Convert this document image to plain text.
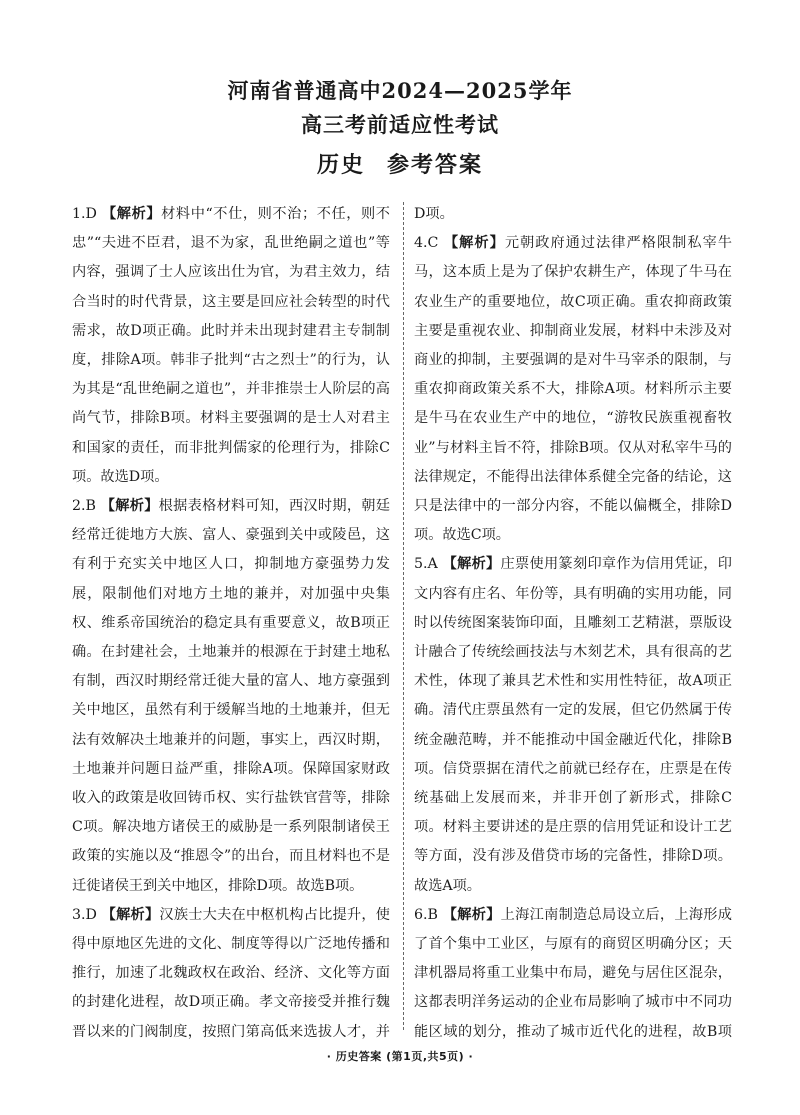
河南省普通高中2024—2025学年
高三考前适应性考试
历史 参考答案

1.D 【解析】材料中“不仕，则不治；不任，则不忠”“夫进不臣君，退不为家，乱世绝嗣之道也”等内容，强调了士人应该出仕为官，为君主效力，结合当时的时代背景，这主要是回应社会转型的时代需求，故D项正确。此时并未出现封建君主专制制度，排除A项。韩非子批判“古之烈士”的行为，认为其是“乱世绝嗣之道也”，并非推崇士人阶层的高尚气节，排除B项。材料主要强调的是士人对君主和国家的责任，而非批判儒家的伦理行为，排除C项。故选D项。

2.B 【解析】根据表格材料可知，西汉时期，朝廷经常迁徙地方大族、富人、豪强到关中或陵邑，这有利于充实关中地区人口，抑制地方豪强势力发展，限制他们对地方土地的兼并，对加强中央集权、维系帝国统治的稳定具有重要意义，故B项正确。在封建社会，土地兼并的根源在于封建土地私有制，西汉时期经常迁徙大量的富人、地方豪强到关中地区，虽然有利于缓解当地的土地兼并，但无法有效解决土地兼并的问题，事实上，西汉时期，土地兼并问题日益严重，排除A项。保障国家财政收入的政策是收回铸币权、实行盐铁官营等，排除C项。解决地方诸侯王的威胁是一系列限制诸侯王政策的实施以及“推恩令”的出台，而且材料也不是迁徙诸侯王到关中地区，排除D项。故选B项。

3.D 【解析】汉族士大夫在中枢机构占比提升，使得中原地区先进的文化、制度等得以广泛地传播和推行，加速了北魏政权在政治、经济、文化等方面的封建化进程，故D项正确。孝文帝接受并推行魏晋以来的门阀制度，按照门第高低来选拔人才，并

D项。

4.C 【解析】元朝政府通过法律严格限制私宰牛马，这本质上是为了保护农耕生产，体现了牛马在农业生产的重要地位，故C项正确。重农抑商政策主要是重视农业、抑制商业发展，材料中未涉及对商业的抑制，主要强调的是对牛马宰杀的限制，与重农抑商政策关系不大，排除A项。材料所示主要是牛马在农业生产中的地位，“游牧民族重视畜牧业”与材料主旨不符，排除B项。仅从对私宰牛马的法律规定，不能得出法律体系健全完备的结论，这只是法律中的一部分内容，不能以偏概全，排除D项。故选C项。

5.A 【解析】庄票使用篆刻印章作为信用凭证，印文内容有庄名、年份等，具有明确的实用功能，同时以传统图案装饰印面，且雕刻工艺精湛，票版设计融合了传统绘画技法与木刻艺术，具有很高的艺术性，体现了兼具艺术性和实用性特征，故A项正确。清代庄票虽然有一定的发展，但它仍然属于传统金融范畴，并不能推动中国金融近代化，排除B项。信贷票据在清代之前就已经存在，庄票是在传统基础上发展而来，并非开创了新形式，排除C项。材料主要讲述的是庄票的信用凭证和设计工艺等方面，没有涉及借贷市场的完备性，排除D项。故选A项。

6.B 【解析】上海江南制造总局设立后，上海形成了首个集中工业区，与原有的商贸区明确分区；天津机器局将重工业集中布局，避免与居住区混杂，这都表明洋务运动的企业布局影响了城市中不同功能区域的划分，推动了城市近代化的进程，故B项

· 历史答案 (第1页,共5页) ·
